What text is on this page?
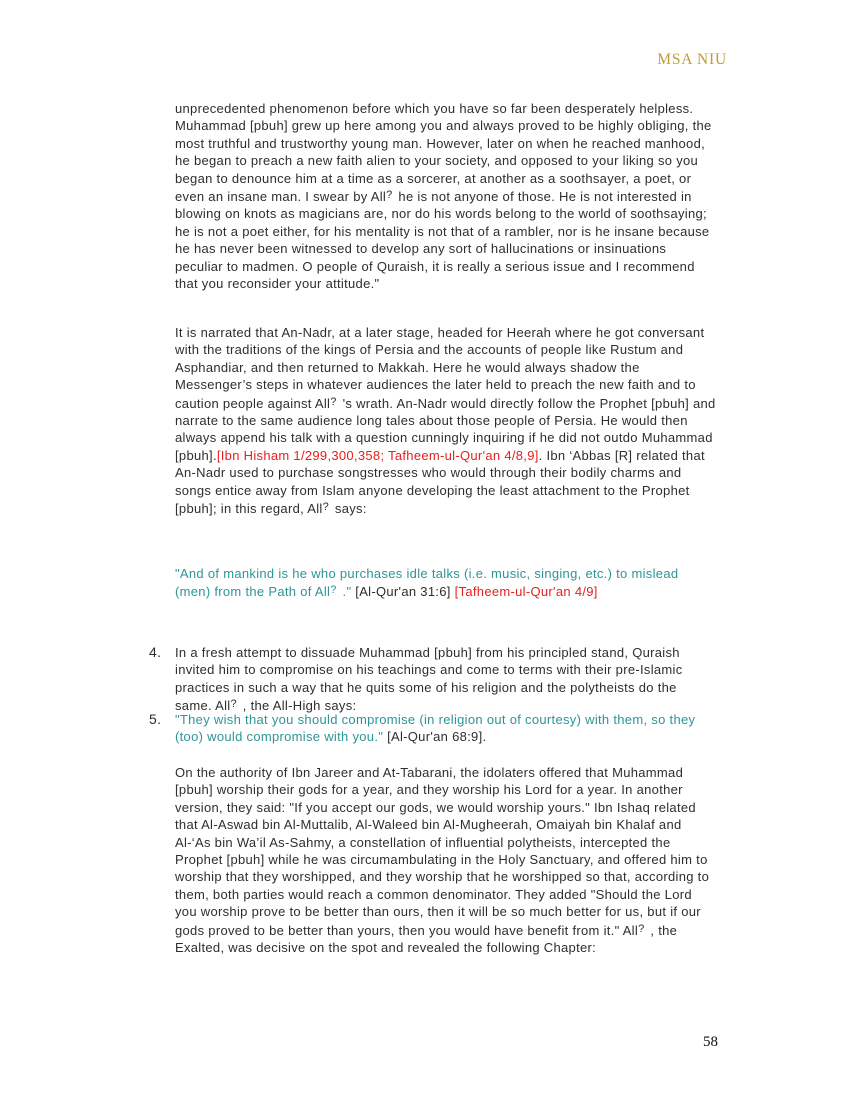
MSA NIU
unprecedented phenomenon before which you have so far been desperately helpless. Muhammad [pbuh] grew up here among you and always proved to be highly obliging, the most truthful and trustworthy young man. However, later on when he reached manhood, he began to preach a new faith alien to your society, and opposed to your liking so you began to denounce him at a time as a sorcerer, at another as a soothsayer, a poet, or even an insane man. I swear by All? he is not anyone of those. He is not interested in blowing on knots as magicians are, nor do his words belong to the world of soothsaying; he is not a poet either, for his mentality is not that of a rambler, nor is he insane because he has never been witnessed to develop any sort of hallucinations or insinuations peculiar to madmen. O people of Quraish, it is really a serious issue and I recommend that you reconsider your attitude."
It is narrated that An-Nadr, at a later stage, headed for Heerah where he got conversant with the traditions of the kings of Persia and the accounts of people like Rustum and Asphandiar, and then returned to Makkah. Here he would always shadow the Messenger’s steps in whatever audiences the later held to preach the new faith and to caution people against All? 's wrath. An-Nadr would directly follow the Prophet [pbuh] and narrate to the same audience long tales about those people of Persia. He would then always append his talk with a question cunningly inquiring if he did not outdo Muhammad [pbuh].[Ibn Hisham 1/299,300,358; Tafheem-ul-Qur'an 4/8,9]. Ibn ‘Abbas [R] related that An-Nadr used to purchase songstresses who would through their bodily charms and songs entice away from Islam anyone developing the least attachment to the Prophet [pbuh]; in this regard, All? says:
"And of mankind is he who purchases idle talks (i.e. music, singing, etc.) to mislead (men) from the Path of All? ." [Al-Qur'an 31:6] [Tafheem-ul-Qur'an 4/9]
4.	In a fresh attempt to dissuade Muhammad [pbuh] from his principled stand, Quraish invited him to compromise on his teachings and come to terms with their pre-Islamic practices in such a way that he quits some of his religion and the polytheists do the same. All? , the All-High says:
5.	"They wish that you should compromise (in religion out of courtesy) with them, so they (too) would compromise with you." [Al-Qur'an 68:9].
On the authority of Ibn Jareer and At-Tabarani, the idolaters offered that Muhammad [pbuh] worship their gods for a year, and they worship his Lord for a year. In another version, they said: "If you accept our gods, we would worship yours." Ibn Ishaq related that Al-Aswad bin Al-Muttalib, Al-Waleed bin Al-Mugheerah, Omaiyah bin Khalaf and Al-‘As bin Wa’il As-Sahmy, a constellation of influential polytheists, intercepted the Prophet [pbuh] while he was circumambulating in the Holy Sanctuary, and offered him to worship that they worshipped, and they worship that he worshipped so that, according to them, both parties would reach a common denominator. They added "Should the Lord you worship prove to be better than ours, then it will be so much better for us, but if our gods proved to be better than yours, then you would have benefit from it." All? , the Exalted, was decisive on the spot and revealed the following Chapter:
58
